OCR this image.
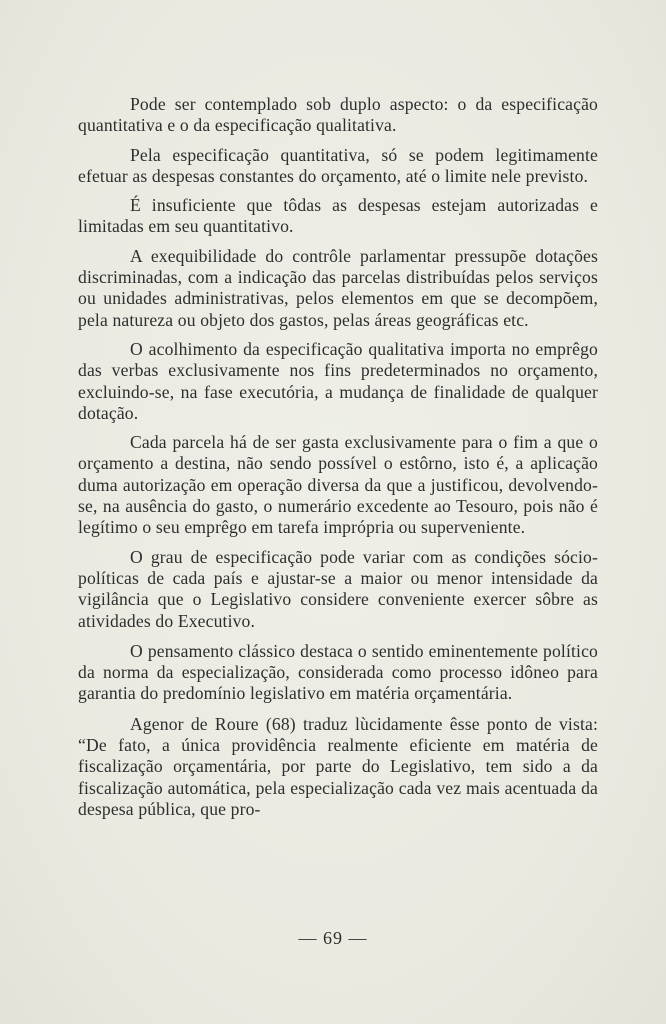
Pode ser contemplado sob duplo aspecto: o da especificação quantitativa e o da especificação qualitativa.

Pela especificação quantitativa, só se podem legitimamente efetuar as despesas constantes do orçamento, até o limite nele previsto.

É insuficiente que tôdas as despesas estejam autorizadas e limitadas em seu quantitativo.

A exequibilidade do contrôle parlamentar pressupõe dotações discriminadas, com a indicação das parcelas distribuídas pelos serviços ou unidades administrativas, pelos elementos em que se decompõem, pela natureza ou objeto dos gastos, pelas áreas geográficas etc.

O acolhimento da especificação qualitativa importa no emprêgo das verbas exclusivamente nos fins predeterminados no orçamento, excluindo-se, na fase executória, a mudança de finalidade de qualquer dotação.

Cada parcela há de ser gasta exclusivamente para o fim a que o orçamento a destina, não sendo possível o estôrno, isto é, a aplicação duma autorização em operação diversa da que a justificou, devolvendo-se, na ausência do gasto, o numerário excedente ao Tesouro, pois não é legítimo o seu emprêgo em tarefa imprópria ou superveniente.

O grau de especificação pode variar com as condições sócio-políticas de cada país e ajustar-se a maior ou menor intensidade da vigilância que o Legislativo considere conveniente exercer sôbre as atividades do Executivo.

O pensamento clássico destaca o sentido eminentemente político da norma da especialização, considerada como processo idôneo para garantia do predomínio legislativo em matéria orçamentária.

Agenor de Roure (68) traduz lùcidamente êsse ponto de vista: “De fato, a única providência realmente eficiente em matéria de fiscalização orçamentária, por parte do Legislativo, tem sido a da fiscalização automática, pela especialização cada vez mais acentuada da despesa pública, que pro-

— 69 —
